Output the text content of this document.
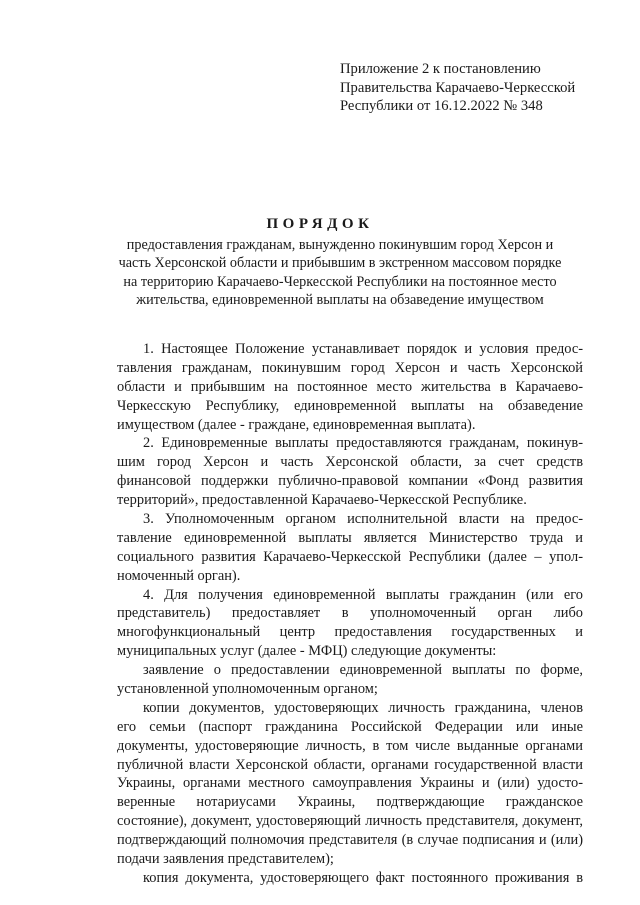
Приложение 2 к постановлению
Правительства Карачаево-Черкесской
Республики от 16.12.2022 № 348
ПОРЯДОК
предоставления гражданам, вынужденно покинувшим город Херсон и
часть Херсонской области и прибывшим в экстренном массовом порядке
на территорию Карачаево-Черкесской Республики на постоянное место
жительства, единовременной выплаты на обзаведение имуществом
1. Настоящее Положение устанавливает порядок и условия предос-
тавления гражданам, покинувшим город Херсон и часть Херсонской
области и прибывшим на постоянное место жительства в Карачаево-
Черкесскую Республику, единовременной выплаты на обзаведение
имуществом (далее - граждане, единовременная выплата).
2. Единовременные выплаты предоставляются гражданам, покинув-
шим город Херсон и часть Херсонской области, за счет средств
финансовой поддержки публично-правовой компании «Фонд развития
территорий», предоставленной Карачаево-Черкесской Республике.
3. Уполномоченным органом исполнительной власти на предос-
тавление единовременной выплаты является Министерство труда и
социального развития Карачаево-Черкесской Республики (далее – упол-
номоченный орган).
4. Для получения единовременной выплаты гражданин (или его
представитель) предоставляет в уполномоченный орган либо
многофункциональный центр предоставления государственных и
муниципальных услуг (далее - МФЦ) следующие документы:
заявление о предоставлении единовременной выплаты по форме,
установленной уполномоченным органом;
копии документов, удостоверяющих личность гражданина, членов
его семьи (паспорт гражданина Российской Федерации или иные
документы, удостоверяющие личность, в том числе выданные органами
публичной власти Херсонской области, органами государственной власти
Украины, органами местного самоуправления Украины и (или) удосто-
веренные нотариусами Украины, подтверждающие гражданское
состояние), документ, удостоверяющий личность представителя, документ,
подтверждающий полномочия представителя (в случае подписания и (или)
подачи заявления представителем);
копия документа, удостоверяющего факт постоянного проживания в
